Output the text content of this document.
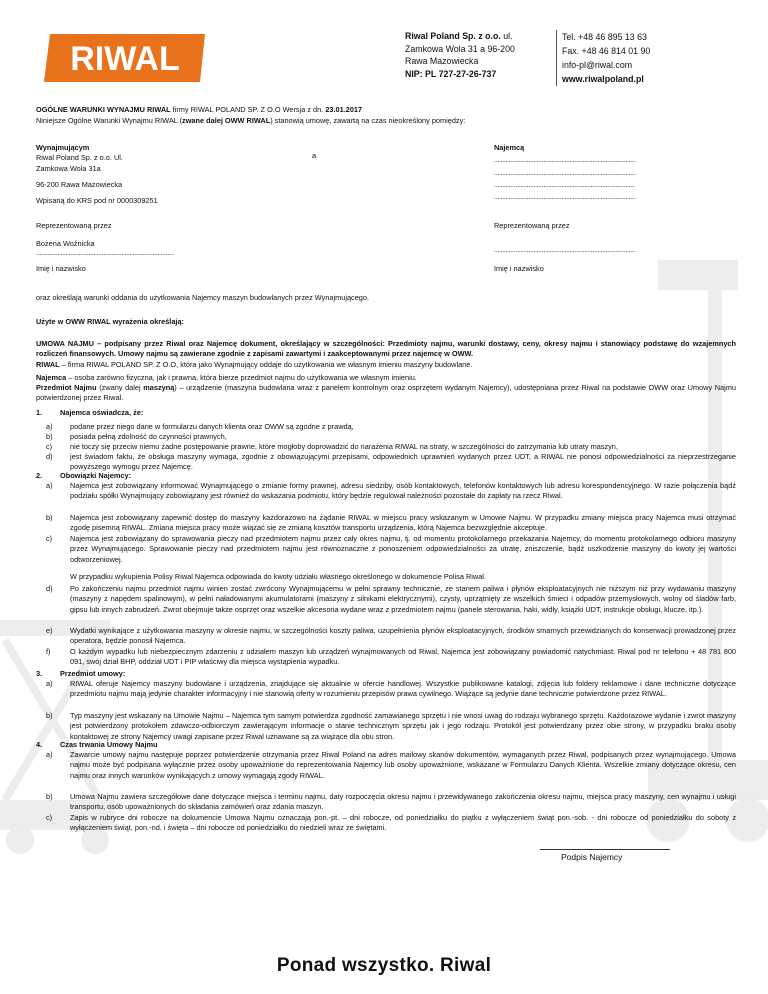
RIWAL
Riwal Poland Sp. z o.o. ul.
Zamkowa Wola 31 a 96-200
Rawa Mazowiecka
NIP: PL 727-27-26-737
Tel. +48 46 895 13 63
Fax. +48 46 814 01 90
info-pl@riwal.com
www.riwalpoland.pl

OGÓLNE WARUNKI WYNAJMU RIWAL firmy RIWAL POLAND SP. Z O.O Wersja z dn. 23.01.2017

Niniejsze Ogólne Warunki Wynajmu RIWAL (zwane dalej OWW RIWAL) stanowią umowę, zawartą na czas nieokreślony pomiędzy:

Wynajmującym
Riwal Poland Sp. z o.o. Ul.
Zamkowa Wola 31a
96-200 Rawa Mazowiecka
Wpisaną do KRS pod nr 0000309251
a
Najemcą
......................................................................................
......................................................................................
......................................................................................
......................................................................................
Reprezentowaną przez	Reprezentowaną przez
Bożena Woźnicka
....................................................................................	......................................................................................
Imię i nazwisko	Imię i nazwisko
oraz określają warunki oddania do użytkowania Najemcy maszyn budowlanych przez Wynajmującego.
Użyte w OWW RIWAL wyrażenia określają:

UMOWA NAJMU – podpisany przez Riwal oraz Najemcę dokument, określający w szczególności: Przedmioty najmu, warunki dostawy, ceny, okresy najmu i stanowiący podstawę do wzajemnych rozliczeń finansowych. Umowy najmu są zawierane zgodnie z zapisami zawartymi i zaakceptowanymi przez najemcę w OWW.

RIWAL – firma RIWAL POLAND SP. Z O.O, która jako Wynajmujący oddaje do użytkowania we własnym imieniu maszyny budowlane.

Najemca – osoba zarówno fizyczna, jak i prawna, która bierze przedmiot najmu do użytkowania we własnym imieniu.

Przedmiot Najmu (zwany dalej maszyną) – urządzenie (maszyna budowlana wraz z panelem kontrolnym oraz osprzętem wydanym Najemcy), udostępniana przez Riwal na podstawie OWW oraz Umowy Najmu potwierdzonej przez Riwal.

1. Najemca oświadcza, że:
a)	podane przez niego dane w formularzu danych klienta oraz OWW są zgodne z prawdą,
b)	posiada pełną zdolność do czynności prawnych,
c)	nie toczy się przeciw niemu żadne postępowanie prawne, które mogłoby doprowadzić do narażenia RIWAL na straty, w szczególności do zatrzymania lub utraty maszyn,
d)	jest świadom faktu, że obsługa maszyny wymaga, zgodnie z obowiązującymi przepisami, odpowiednich uprawnień wydanych przez UDT, a RIWAL nie ponosi odpowiedzialności za nieprzestrzeganie powyższego wymogu przez Najemcę.
2. Obowiązki Najemcy:
a)	Najemca jest zobowiązany informować Wynajmującego o zmianie formy prawnej, adresu siedziby, osób kontaktowych, telefonów kontaktowych lub adresu korespondencyjnego. W razie połączenia bądź podziału spółki Wynajmujący zobowiązany jest również do wskazania podmiotu, który będzie regulował należności pozostałe do zapłaty na rzecz Riwal.
b)	Najemca jest zobowiązany zapewnić dostęp do maszyny każdorazowo na żądanie RIWAL w miejscu pracy wskazanym w Umowie Najmu. W przypadku zmiany miejsca pracy Najemca musi otrzymać zgodę pisemną RIWAL. Zmiana miejsca pracy może wiązać się ze zmianą kosztów transportu urządzenia, którą Najemca bezwzględnie akceptuje.
c)	Najemca jest zobowiązany do sprawowania pieczy nad przedmiotem najmu przez cały okres najmu, tj. od momentu protokolarnego przekazania Najemcy, do momentu protokolarnego odbioru maszyny przez Wynajmującego. Sprawowanie pieczy nad przedmiotem najmu jest równoznaczne z ponoszeniem odpowiedzialności za utratę, zniszczenie, bądź uszkodzenie maszyny do kwoty jej wartości odtworzeniowej.
W przypadku wykupienia Polisy Riwal Najemca odpowiada do kwoty udziału własnego określonego w dokumencie Polisa Riwal.
d)	Po zakończeniu najmu przedmiot najmu winien zostać zwrócony Wynajmującemu w pełni sprawny technicznie, ze stanem paliwa i płynów eksploatacyjnych nie niższym niż przy wydawaniu maszyny (maszyny z napędem spalinowym), w pełni naładowanymi akumulatorami (maszyny z silnikami elektrycznymi), czysty, uprzątnięty ze wszelkich śmieci i odpadów przemysłowych, wolny od śladów farb, gipsu lub innych zabrudzeń. Zwrot obejmuje także osprzęt oraz wszelkie akcesoria wydane wraz z przedmiotem najmu (panele sterowania, haki, widły, książki UDT, instrukcje obsługi, klucze, itp.).
e)	Wydatki wynikające z użytkowania maszyny w okresie najmu, w szczególności koszty paliwa, uzupełnienia płynów eksploatacyjnych, środków smarnych przewidzianych do konserwacji prowadzonej przez operatora, będzie ponosił Najemca.
f)	O każdym wypadku lub niebezpiecznym zdarzeniu z udziałem maszyn lub urządzeń wynajmowanych od Riwal, Najemca jest zobowiązany powiadomić natychmiast: Riwal pod nr telefonu + 48 781 800 091, swój dział BHP, oddział UDT i PIP właściwy dla miejsca wystąpienia wypadku.
3. Przedmiot umowy:
a)	RIWAL oferuje Najemcy maszyny budowlane i urządzenia, znajdujące się aktualnie w ofercie handlowej. Wszystkie publikowane katalogi, zdjęcia lub foldery reklamowe i dane techniczne dotyczące przedmiotu najmu mają jedynie charakter informacyjny i nie stanowią oferty w rozumieniu przepisów prawa cywilnego. Wiążące są jedynie dane techniczne potwierdzone przez RIWAL.
b)	Typ maszyny jest wskazany na Umowie Najmu – Najemca tym samym potwierdza zgodność zamawianego sprzętu i nie wnosi uwag do rodzaju wybranego sprzętu. Każdorazowe wydanie i zwrot maszyny jest potwierdzony protokołem zdawczo-odbiorczym zawierającym informacje o stanie technicznym sprzętu jak i jego rodzaju. Protokół jest potwierdzany przez obie strony, w przypadku braku osoby kontaktowej ze strony Najemcy uwagi zapisane przez Riwal uznawane są za wiążące dla obu stron.
4. Czas trwania Umowy Najmu
a)	Zawarcie umowy najmu następuje poprzez potwierdzenie otrzymania przez Riwal Poland na adres mailowy skanów dokumentów, wymaganych przez Riwal, podpisanych przez wynajmującego. Umowa najmu może być podpisana wyłącznie przez osoby upoważnione do reprezentowania Najemcy lub osoby upoważnione, wskazane w Formularzu Danych Klienta. Wszelkie zmiany dotyczące okresu, cen najmu oraz innych warunków wynikających z umowy wymagają zgody RIWAL.
b)	Umowa Najmu zawiera szczegółowe dane dotyczące miejsca i terminu najmu, daty rozpoczęcia okresu najmu i przewidywanego zakończenia okresu najmu, miejsca pracy maszyny, cen wynajmu i usługi transportu, osób upoważnionych do składania zamówień oraz zdania maszyn.
c)	Zapis w rubryce dni robocze na dokumencie Umowa Najmu oznaczają pon.-pt. – dni robocze, od poniedziałku do piątku z wyłączeniem świąt pon.-sob. - dni robocze od poniedziałku do soboty z wyłączeniem świąt, pon.-nd. i święta – dni robocze od poniedziałku do niedzieli wraz ze świętami.
Podpis Najemcy
Ponad wszystko. Riwal
